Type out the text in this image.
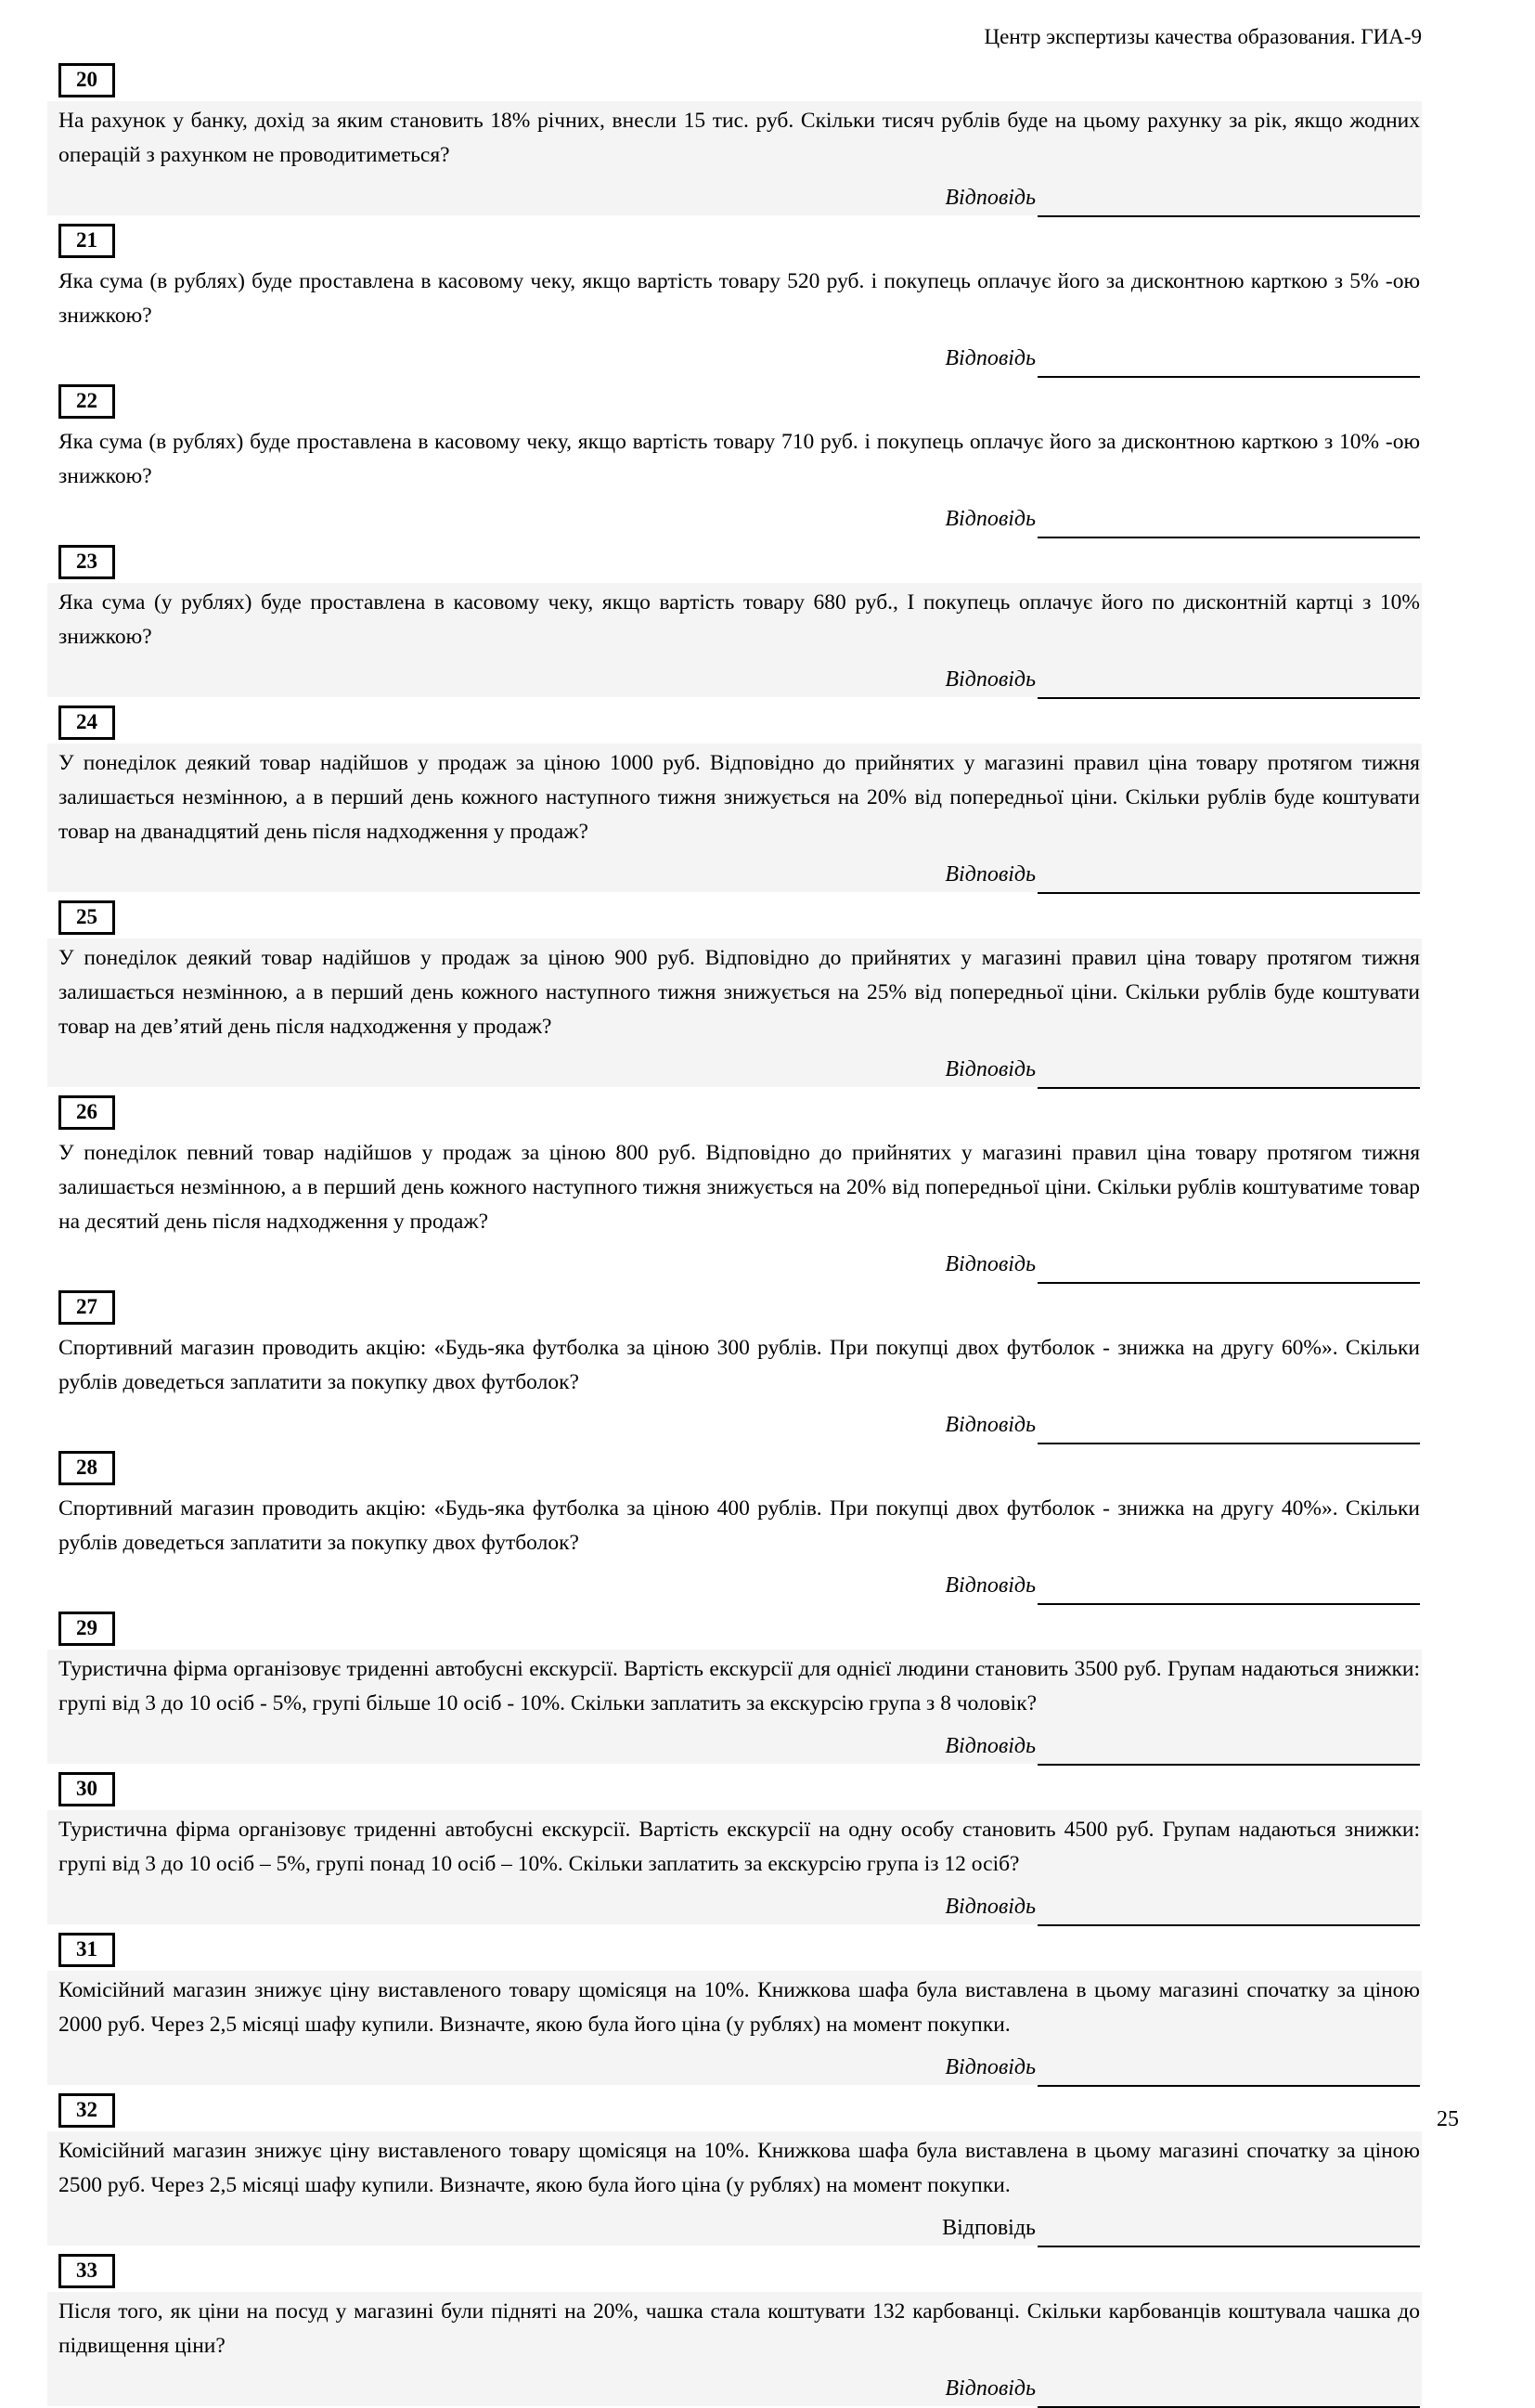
Центр экспертизы качества образования. ГИА-9
20

На рахунок у банку, дохід за яким становить 18% річних, внесли 15 тис. руб. Скільки тисяч рублів буде на цьому рахунку за рік, якщо жодних операцій з рахунком не проводитиметься?

Відповідь
21

Яка сума (в рублях) буде проставлена в касовому чеку, якщо вартість товару 520 руб. і покупець оплачує його за дисконтною карткою з 5% -ою знижкою?

Відповідь
22

Яка сума (в рублях) буде проставлена в касовому чеку, якщо вартість товару 710 руб. і покупець оплачує його за дисконтною карткою з 10% -ою знижкою?

Відповідь
23

Яка сума (у рублях) буде проставлена в касовому чеку, якщо вартість товару 680 руб., І покупець оплачує його по дисконтній картці з 10% знижкою?

Відповідь
24

У понеділок деякий товар надійшов у продаж за ціною 1000 руб. Відповідно до прийнятих у магазині правил ціна товару протягом тижня залишається незмінною, а в перший день кожного наступного тижня знижується на 20% від попередньої ціни. Скільки рублів буде коштувати товар на дванадцятий день після надходження у продаж?

Відповідь
25

У понеділок деякий товар надійшов у продаж за ціною 900 руб. Відповідно до прийнятих у магазині правил ціна товару протягом тижня залишається незмінною, а в перший день кожного наступного тижня знижується на 25% від попередньої ціни. Скільки рублів буде коштувати товар на дев’ятий день після надходження у продаж?

Відповідь
26

У понеділок певний товар надійшов у продаж за ціною 800 руб. Відповідно до прийнятих у магазині правил ціна товару протягом тижня залишається незмінною, а в перший день кожного наступного тижня знижується на 20% від попередньої ціни. Скільки рублів коштуватиме товар на десятий день після надходження у продаж?

Відповідь
27

Спортивний магазин проводить акцію: «Будь-яка футболка за ціною 300 рублів. При покупці двох футболок - знижка на другу 60%». Скільки рублів доведеться заплатити за покупку двох футболок?

Відповідь
28

Спортивний магазин проводить акцію: «Будь-яка футболка за ціною 400 рублів. При покупці двох футболок - знижка на другу 40%». Скільки рублів доведеться заплатити за покупку двох футболок?

Відповідь
29

Туристична фірма організовує триденні автобусні екскурсії. Вартість екскурсії для однієї людини становить 3500 руб. Групам надаються знижки: групі від 3 до 10 осіб - 5%, групі більше 10 осіб - 10%. Скільки заплатить за екскурсію група з 8 чоловік?

Відповідь
30

Туристична фірма організовує триденні автобусні екскурсії. Вартість екскурсії на одну особу становить 4500 руб. Групам надаються знижки: групі від 3 до 10 осіб – 5%, групі понад 10 осіб – 10%. Скільки заплатить за екскурсію група із 12 осіб?

Відповідь
31

Комісійний магазин знижує ціну виставленого товару щомісяця на 10%. Книжкова шафа була виставлена в цьому магазині спочатку за ціною 2000 руб. Через 2,5 місяці шафу купили. Визначте, якою була його ціна (у рублях) на момент покупки.

Відповідь
32

Комісійний магазин знижує ціну виставленого товару щомісяця на 10%. Книжкова шафа була виставлена в цьому магазині спочатку за ціною 2500 руб. Через 2,5 місяці шафу купили. Визначте, якою була його ціна (у рублях) на момент покупки.

Відповідь
33

Після того, як ціни на посуд у магазині були підняті на 20%, чашка стала коштувати 132 карбованці. Скільки карбованців коштувала чашка до підвищення ціни?

Відповідь
25
